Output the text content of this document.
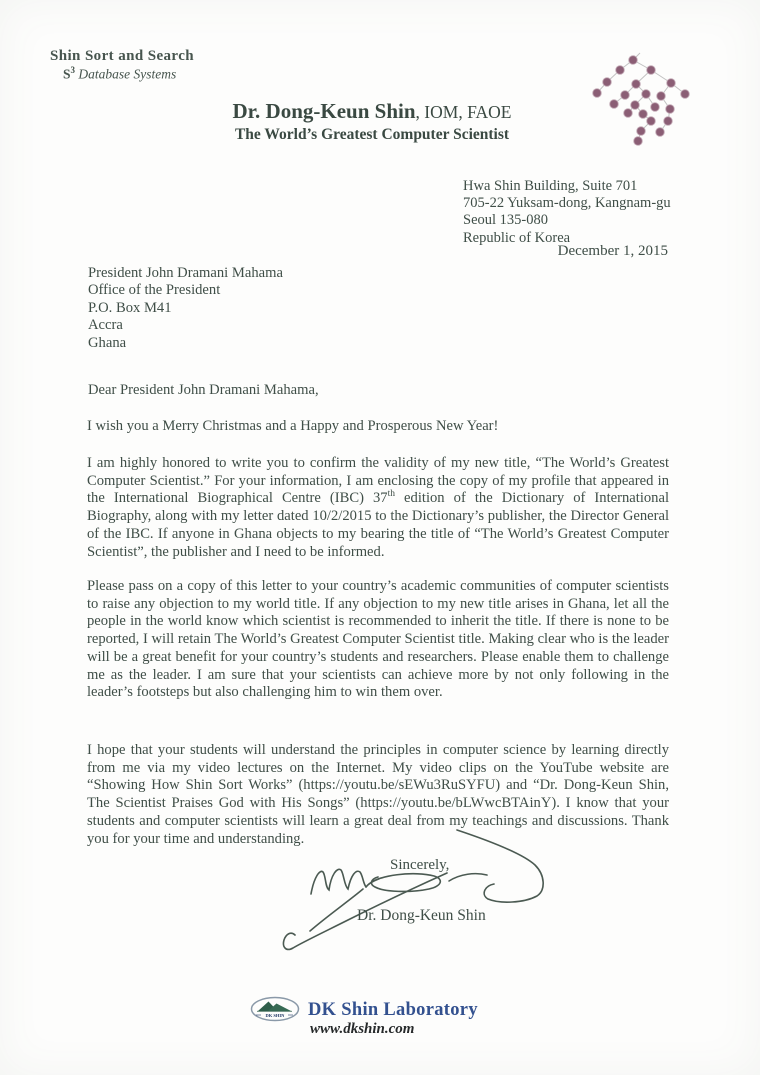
Shin Sort and Search
$S^3$ Database Systems
Dr. Dong-Keun Shin, IOM, FAOE
The World’s Greatest Computer Scientist
Hwa Shin Building, Suite 701
705-22 Yuksam-dong, Kangnam-gu
Seoul 135-080
Republic of Korea
December 1, 2015
President John Dramani Mahama
Office of the President
P.O. Box M41
Accra
Ghana
Dear President John Dramani Mahama,
I wish you a Merry Christmas and a Happy and Prosperous New Year!
I am highly honored to write you to confirm the validity of my new title, “The World’s Greatest Computer Scientist.” For your information, I am enclosing the copy of my profile that appeared in the International Biographical Centre (IBC) 37th edition of the Dictionary of International Biography, along with my letter dated 10/2/2015 to the Dictionary’s publisher, the Director General of the IBC. If anyone in Ghana objects to my bearing the title of “The World’s Greatest Computer Scientist”, the publisher and I need to be informed.
Please pass on a copy of this letter to your country’s academic communities of computer scientists to raise any objection to my world title. If any objection to my new title arises in Ghana, let all the people in the world know which scientist is recommended to inherit the title. If there is none to be reported, I will retain The World’s Greatest Computer Scientist title. Making clear who is the leader will be a great benefit for your country’s students and researchers. Please enable them to challenge me as the leader. I am sure that your scientists can achieve more by not only following in the leader’s footsteps but also challenging him to win them over.
I hope that your students will understand the principles in computer science by learning directly from me via my video lectures on the Internet. My video clips on the YouTube website are “Showing How Shin Sort Works” (https://youtu.be/sEWu3RuSYFU) and “Dr. Dong-Keun Shin, The Scientist Praises God with His Songs” (https://youtu.be/bLWwcBTAinY). I know that your students and computer scientists will learn a great deal from my teachings and discussions. Thank you for your time and understanding.
Sincerely,
Dr. Dong-Keun Shin
DK SHIN DK Shin Laboratory
www.dkshin.com
